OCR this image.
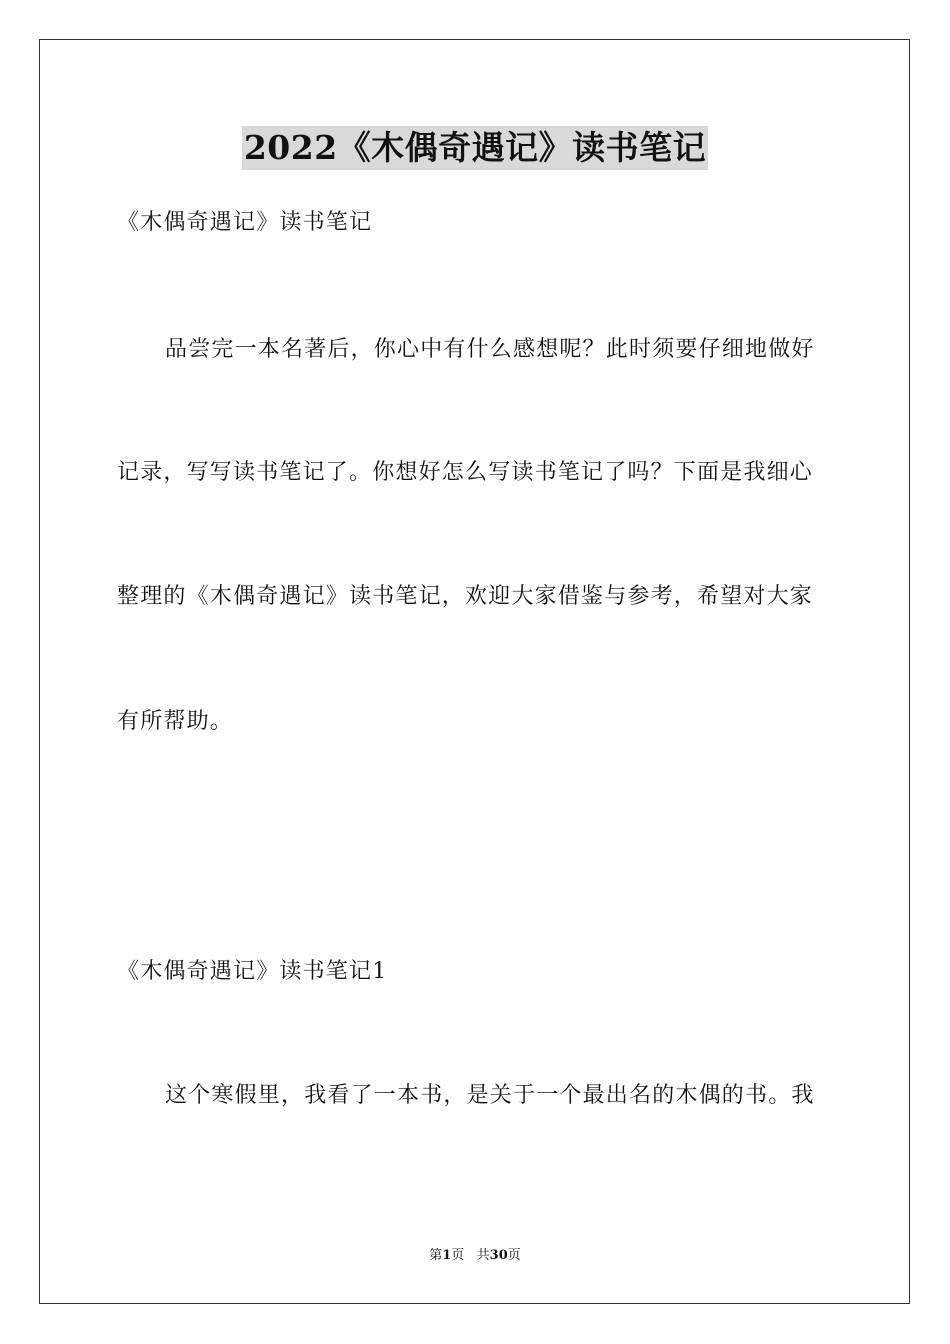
2022《木偶奇遇记》读书笔记
《木偶奇遇记》读书笔记
品尝完一本名著后，你心中有什么感想呢？此时须要仔细地做好
记录，写写读书笔记了。你想好怎么写读书笔记了吗？下面是我细心
整理的《木偶奇遇记》读书笔记，欢迎大家借鉴与参考，希望对大家
有所帮助。
《木偶奇遇记》读书笔记1
这个寒假里，我看了一本书，是关于一个最出名的木偶的书。我
第1页   共30页
